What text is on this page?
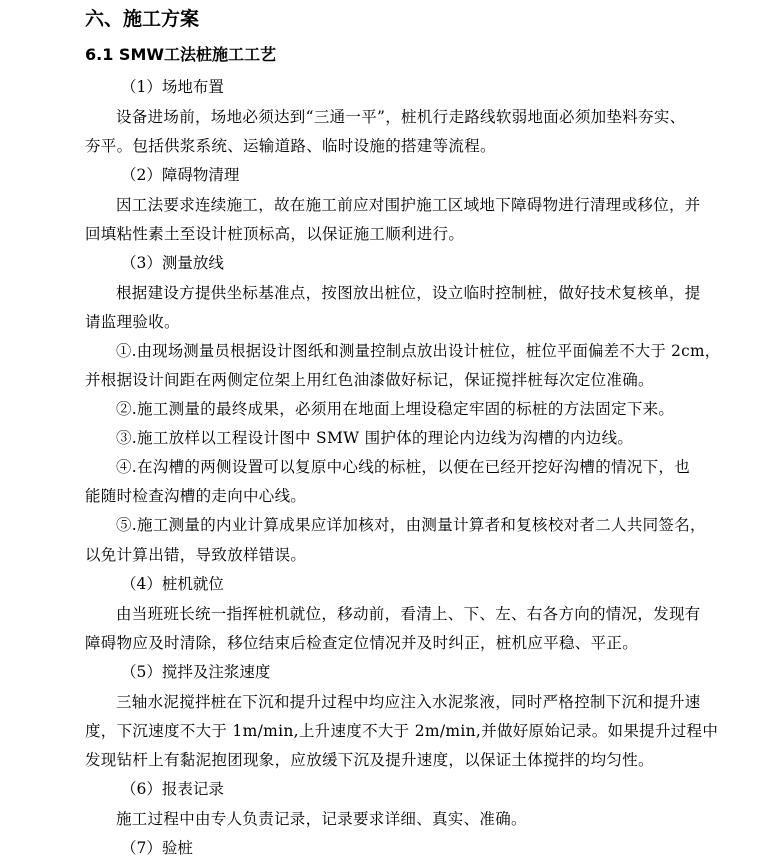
六、施工方案
6.1 SMW工法桩施工工艺
（1）场地布置
设备进场前，场地必须达到“三通一平”，桩机行走路线软弱地面必须加垫料夯实、
夯平。包括供浆系统、运输道路、临时设施的搭建等流程。
（2）障碍物清理
因工法要求连续施工，故在施工前应对围护施工区域地下障碍物进行清理或移位，并
回填粘性素土至设计桩顶标高，以保证施工顺利进行。
（3）测量放线
根据建设方提供坐标基准点，按图放出桩位，设立临时控制桩，做好技术复核单，提
请监理验收。
①.由现场测量员根据设计图纸和测量控制点放出设计桩位，桩位平面偏差不大于 2cm，
并根据设计间距在两侧定位架上用红色油漆做好标记，保证搅拌桩每次定位准确。
②.施工测量的最终成果，必须用在地面上埋设稳定牢固的标桩的方法固定下来。
③.施工放样以工程设计图中 SMW 围护体的理论内边线为沟槽的内边线。
④.在沟槽的两侧设置可以复原中心线的标桩，以便在已经开挖好沟槽的情况下，也
能随时检查沟槽的走向中心线。
⑤.施工测量的内业计算成果应详加核对，由测量计算者和复核校对者二人共同签名，
以免计算出错，导致放样错误。
（4）桩机就位
由当班班长统一指挥桩机就位，移动前，看清上、下、左、右各方向的情况，发现有
障碍物应及时清除，移位结束后检查定位情况并及时纠正，桩机应平稳、平正。
（5）搅拌及注浆速度
三轴水泥搅拌桩在下沉和提升过程中均应注入水泥浆液，同时严格控制下沉和提升速
度，下沉速度不大于 1m/min,上升速度不大于 2m/min,并做好原始记录。如果提升过程中
发现钻杆上有黏泥抱团现象，应放缓下沉及提升速度，以保证土体搅拌的均匀性。
（6）报表记录
施工过程中由专人负责记录，记录要求详细、真实、准确。
（7）验桩
